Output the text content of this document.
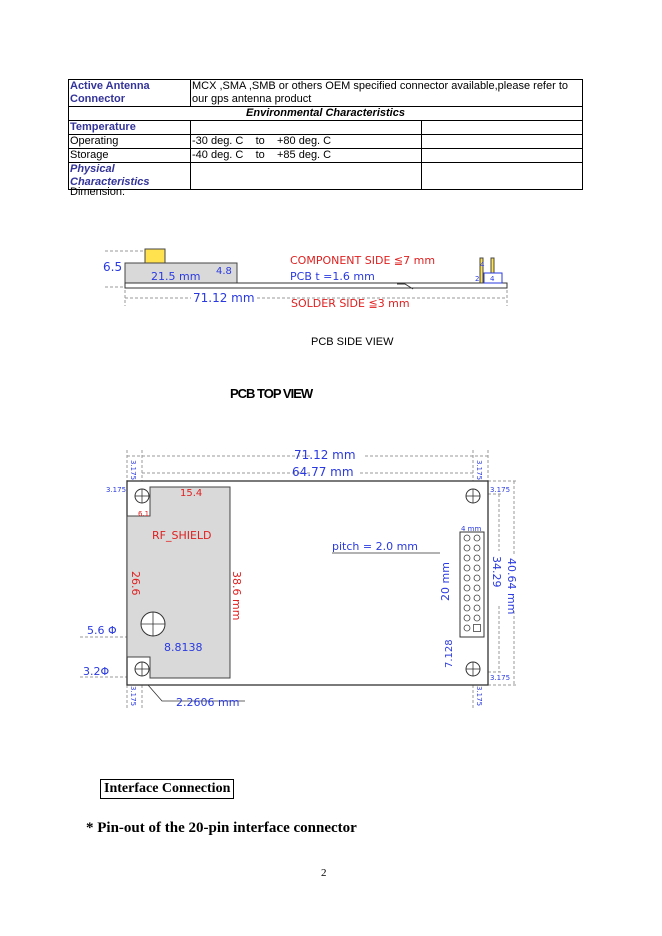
Active Antenna Connector	MCX ,SMA ,SMB or others OEM specified connector available,please refer to our gps antenna product	
Environmental Characteristics		
Temperature		
Operating	-30 deg. C    to    +80 deg. C	
Storage	-40 deg. C    to    +85 deg. C	
Physical Characteristics		
Dimension:
6.5
21.5 mm 4.8
71.12 mm
COMPONENT SIDE ≦7 mm
PCB t =1.6 mm
SOLDER SIDE ≦3 mm
4
2 4
PCB SIDE VIEW
PCB TOP VIEW
71.12 mm
64.77 mm
3.175	3.175
3.175
3.175	3.175
3.175	3.175
15.4
6.1
RF_SHIELD
26.6	38.6 mm
pitch = 2.0 mm
4 mm
20 mm	34.29 40.64 mm
7.128
5.6 Φ
8.8138
3.2Φ
2.2606 mm
Interface Connection
* Pin-out of the 20-pin interface connector
2
